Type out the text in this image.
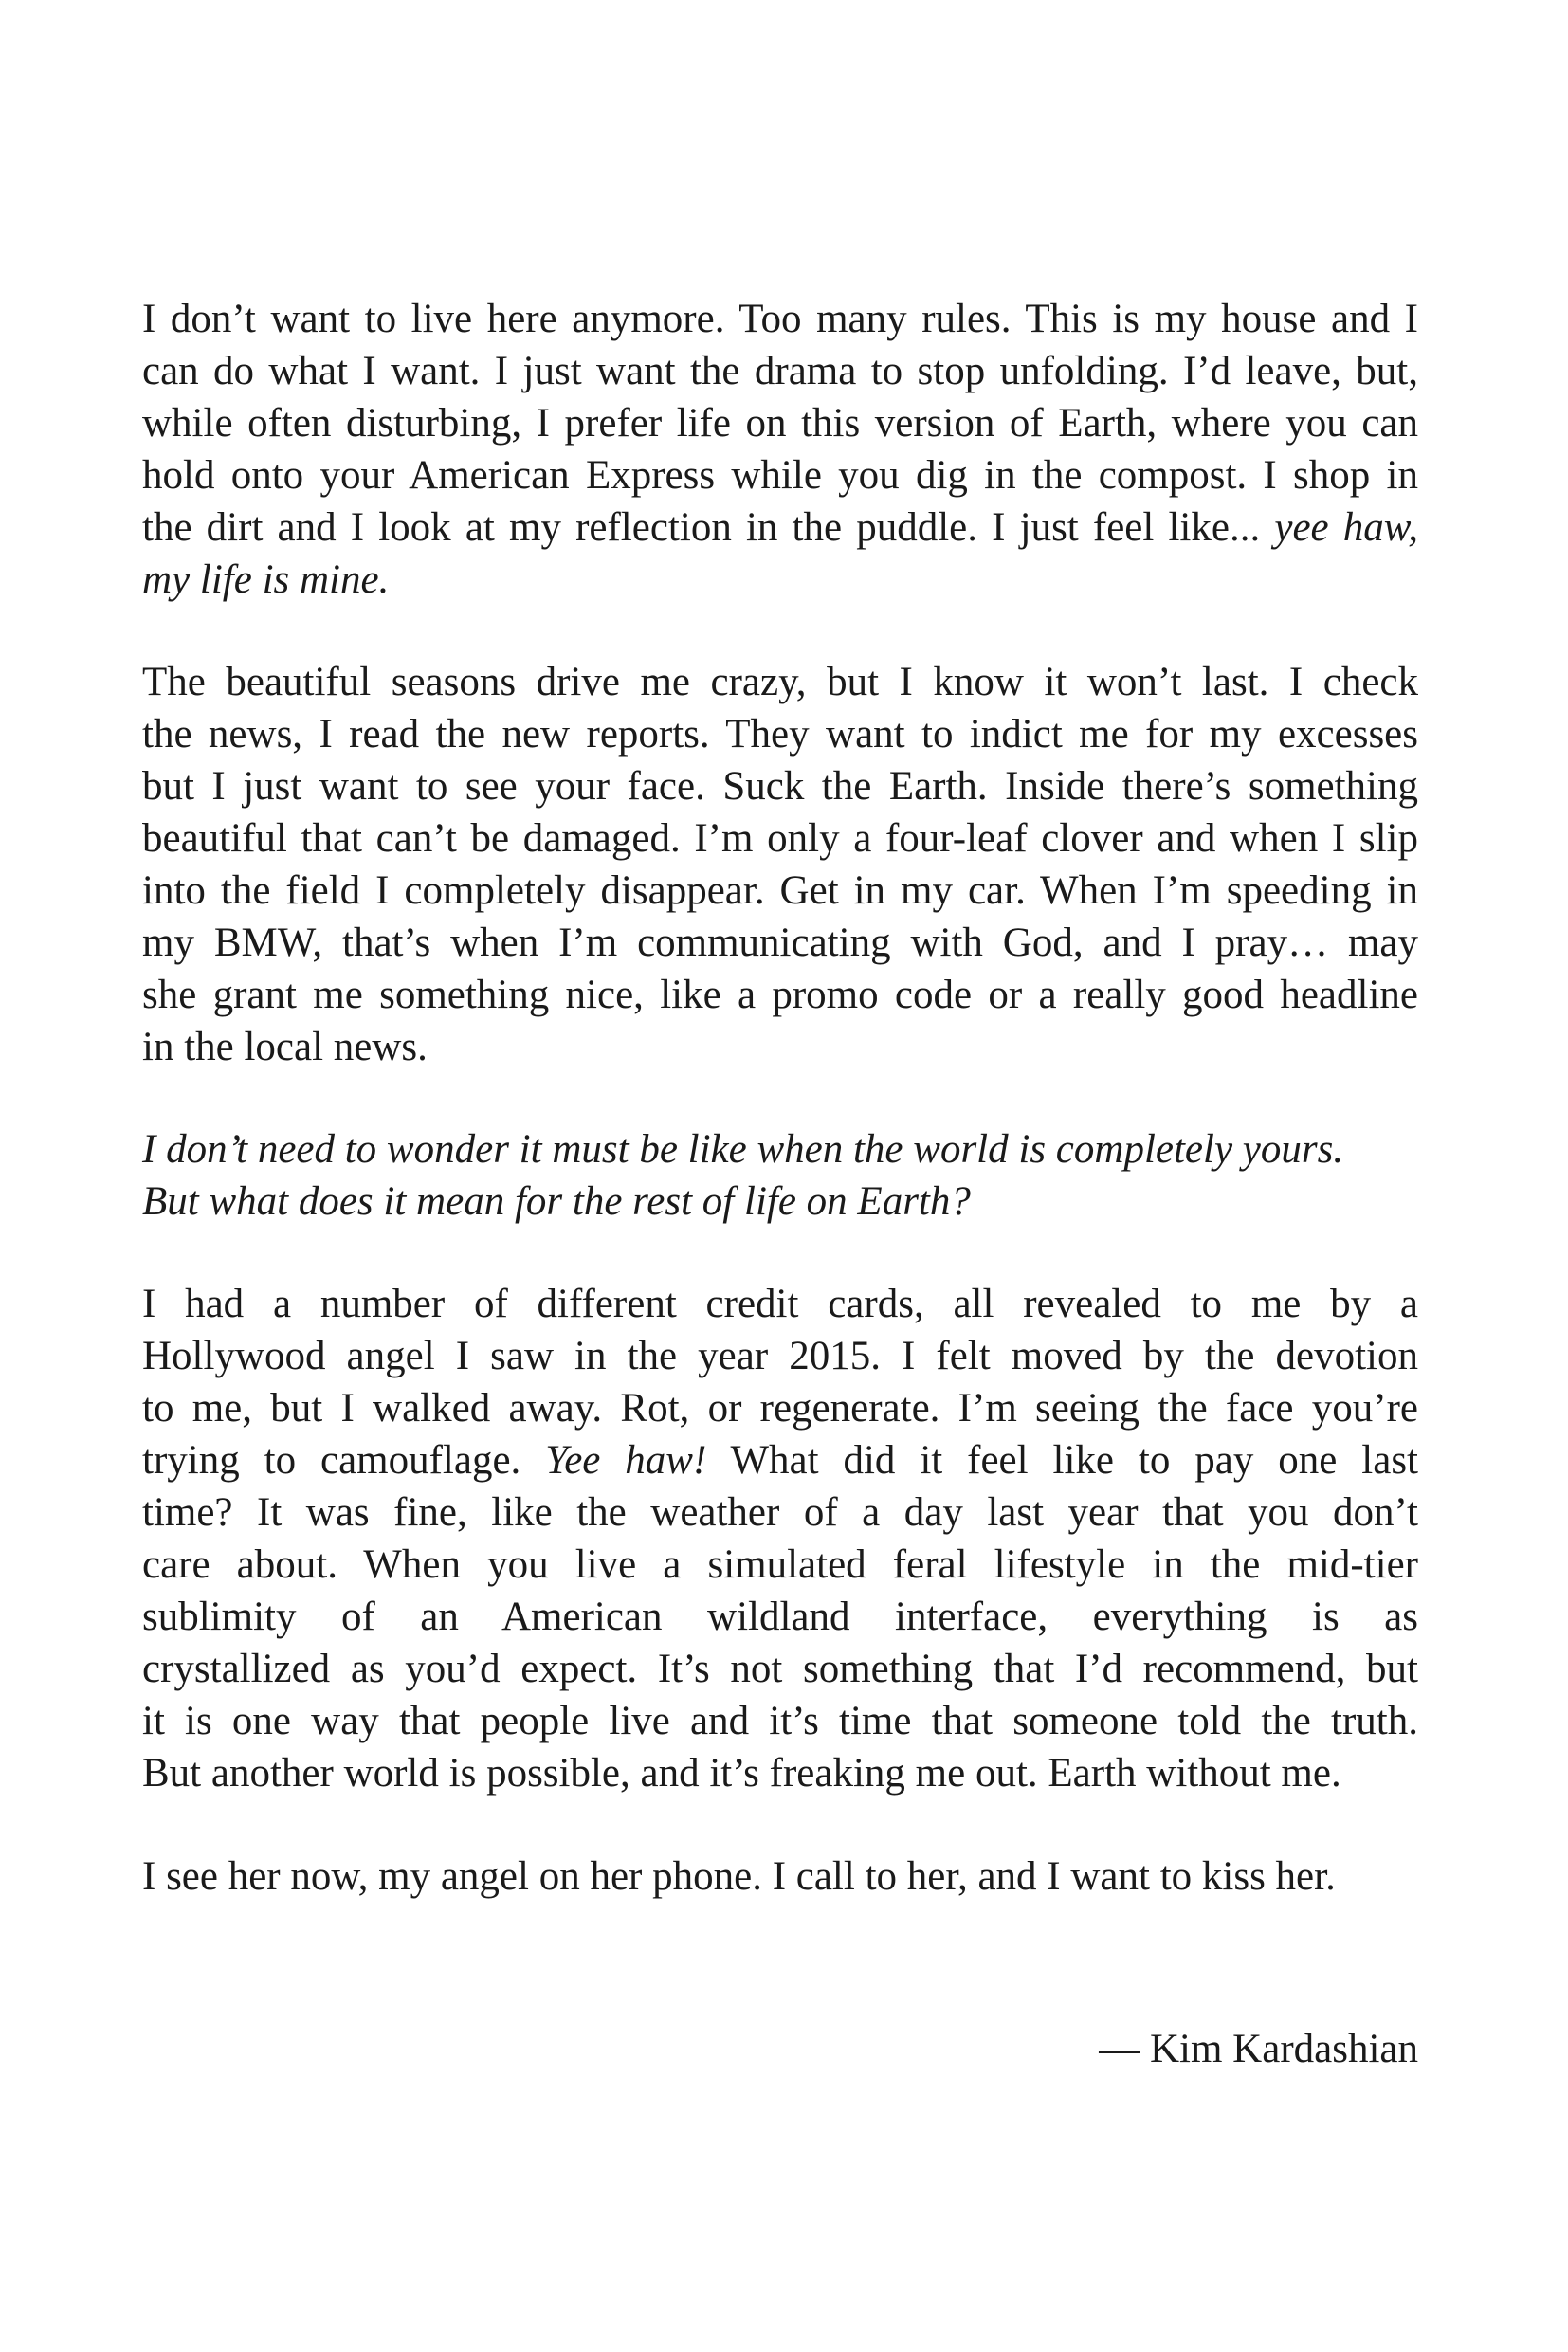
I don’t want to live here anymore. Too many rules. This is my house and I
can do what I want. I just want the drama to stop unfolding. I’d leave, but,
while often disturbing, I prefer life on this version of Earth, where you can
hold onto your American Express while you dig in the compost. I shop in
the dirt and I look at my reflection in the puddle. I just feel like... yee haw,
my life is mine.

The beautiful seasons drive me crazy, but I know it won’t last. I check
the news, I read the new reports. They want to indict me for my excesses
but I just want to see your face. Suck the Earth. Inside there’s something
beautiful that can’t be damaged. I’m only a four-leaf clover and when I slip
into the field I completely disappear. Get in my car. When I’m speeding in
my BMW, that’s when I’m communicating with God, and I pray… may
she grant me something nice, like a promo code or a really good headline
in the local news.

I don’t need to wonder it must be like when the world is completely yours.
But what does it mean for the rest of life on Earth?

I had a number of different credit cards, all revealed to me by a
Hollywood angel I saw in the year 2015. I felt moved by the devotion
to me, but I walked away. Rot, or regenerate. I’m seeing the face you’re
trying to camouflage. Yee haw! What did it feel like to pay one last
time? It was fine, like the weather of a day last year that you don’t
care about. When you live a simulated feral lifestyle in the mid-tier
sublimity of an American wildland interface, everything is as
crystallized as you’d expect. It’s not something that I’d recommend, but
it is one way that people live and it’s time that someone told the truth.
But another world is possible, and it’s freaking me out. Earth without me.

I see her now, my angel on her phone. I call to her, and I want to kiss her.

— Kim Kardashian
